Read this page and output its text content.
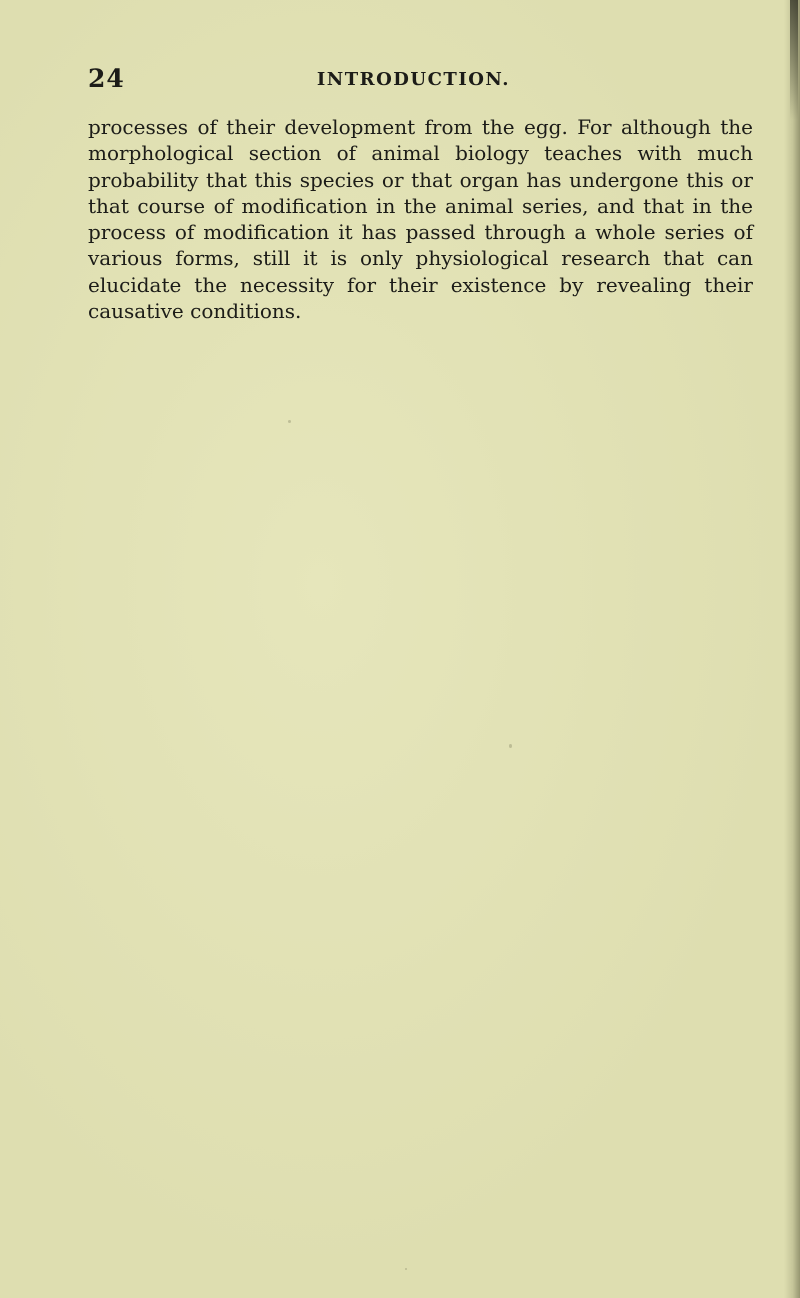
24	INTRODUCTION.

processes of their development from the egg. For although the morphological section of animal biology teaches with much probability that this species or that organ has undergone this or that course of modification in the animal series, and that in the process of modification it has passed through a whole series of various forms, still it is only physiological research that can elucidate the necessity for their existence by revealing their causative conditions.
